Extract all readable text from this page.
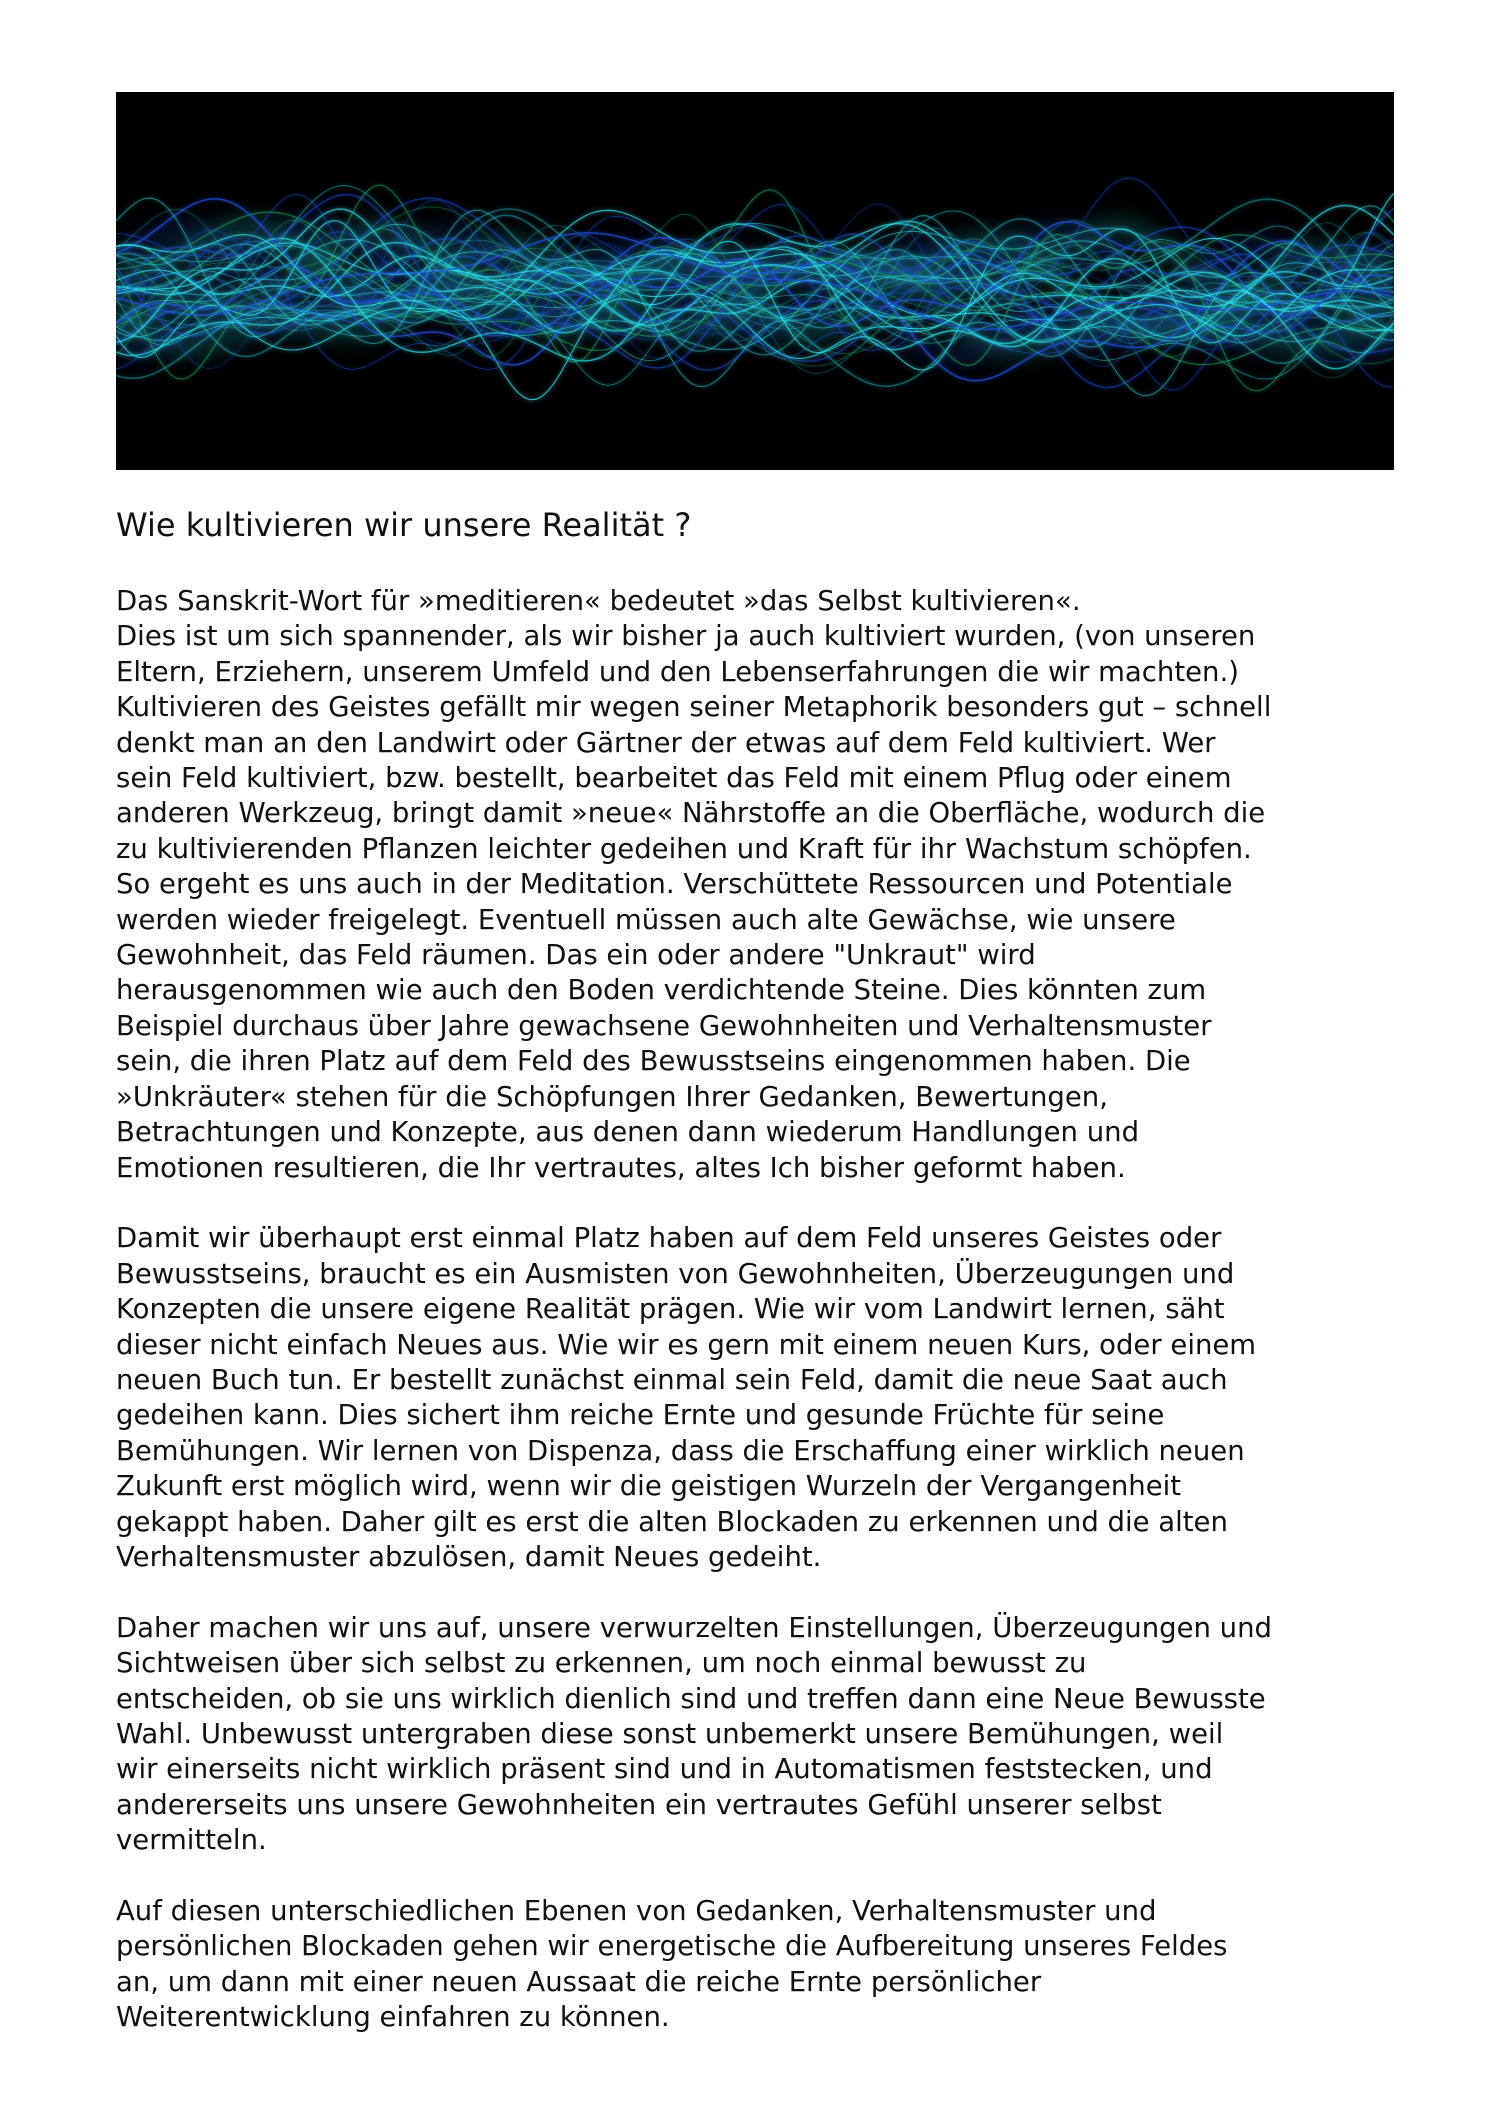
Wie kultivieren wir unsere Realität ?
Das Sanskrit-Wort für »meditieren« bedeutet »das Selbst kultivieren«.
Dies ist um sich spannender, als wir bisher ja auch kultiviert wurden, (von unseren
Eltern, Erziehern, unserem Umfeld und den Lebenserfahrungen die wir machten.)
Kultivieren des Geistes gefällt mir wegen seiner Metaphorik besonders gut – schnell
denkt man an den Landwirt oder Gärtner der etwas auf dem Feld kultiviert. Wer
sein Feld kultiviert, bzw. bestellt, bearbeitet das Feld mit einem Pflug oder einem
anderen Werkzeug, bringt damit »neue« Nährstoffe an die Oberfläche, wodurch die
zu kultivierenden Pflanzen leichter gedeihen und Kraft für ihr Wachstum schöpfen.
So ergeht es uns auch in der Meditation. Verschüttete Ressourcen und Potentiale
werden wieder freigelegt. Eventuell müssen auch alte Gewächse, wie unsere
Gewohnheit, das Feld räumen. Das ein oder andere "Unkraut" wird
herausgenommen wie auch den Boden verdichtende Steine. Dies könnten zum
Beispiel durchaus über Jahre gewachsene Gewohnheiten und Verhaltensmuster
sein, die ihren Platz auf dem Feld des Bewusstseins eingenommen haben. Die
»Unkräuter« stehen für die Schöpfungen Ihrer Gedanken, Bewertungen,
Betrachtungen und Konzepte, aus denen dann wiederum Handlungen und
Emotionen resultieren, die Ihr vertrautes, altes Ich bisher geformt haben.
Damit wir überhaupt erst einmal Platz haben auf dem Feld unseres Geistes oder
Bewusstseins, braucht es ein Ausmisten von Gewohnheiten, Überzeugungen und
Konzepten die unsere eigene Realität prägen. Wie wir vom Landwirt lernen, säht
dieser nicht einfach Neues aus. Wie wir es gern mit einem neuen Kurs, oder einem
neuen Buch tun. Er bestellt zunächst einmal sein Feld, damit die neue Saat auch
gedeihen kann. Dies sichert ihm reiche Ernte und gesunde Früchte für seine
Bemühungen. Wir lernen von Dispenza, dass die Erschaffung einer wirklich neuen
Zukunft erst möglich wird, wenn wir die geistigen Wurzeln der Vergangenheit
gekappt haben. Daher gilt es erst die alten Blockaden zu erkennen und die alten
Verhaltensmuster abzulösen, damit Neues gedeiht.
Daher machen wir uns auf, unsere verwurzelten Einstellungen, Überzeugungen und
Sichtweisen über sich selbst zu erkennen, um noch einmal bewusst zu
entscheiden, ob sie uns wirklich dienlich sind und treffen dann eine Neue Bewusste
Wahl. Unbewusst untergraben diese sonst unbemerkt unsere Bemühungen, weil
wir einerseits nicht wirklich präsent sind und in Automatismen feststecken, und
andererseits uns unsere Gewohnheiten ein vertrautes Gefühl unserer selbst
vermitteln.
Auf diesen unterschiedlichen Ebenen von Gedanken, Verhaltensmuster und
persönlichen Blockaden gehen wir energetische die Aufbereitung unseres Feldes
an, um dann mit einer neuen Aussaat die reiche Ernte persönlicher
Weiterentwicklung einfahren zu können.
